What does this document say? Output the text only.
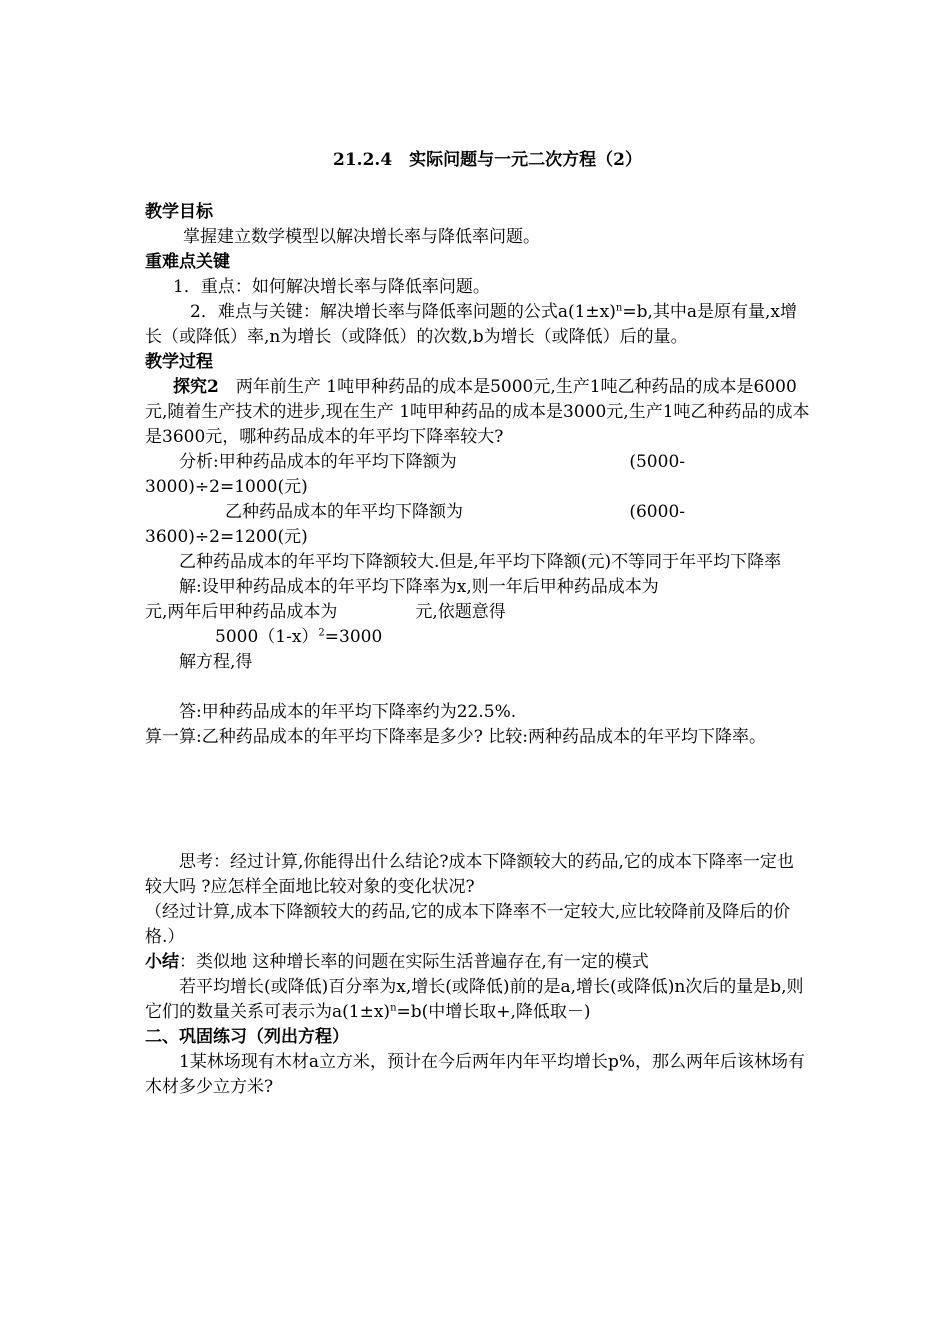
21.2.4　实际问题与一元二次方程（2）

教学目标

掌握建立数学模型以解决增长率与降低率问题。

重难点关键

1．重点：如何解决增长率与降低率问题。

2．难点与关键：解决增长率与降低率问题的公式$a(1\pm x)^n=b$,其中a是原有量,x增长（或降低）率,n为增长（或降低）的次数,b为增长（或降低）后的量。

教学过程

探究2　 两年前生产 1吨甲种药品的成本是5000元,生产1吨乙种药品的成本是6000元,随着生产技术的进步,现在生产 1吨甲种药品的成本是3000元,生产1吨乙种药品的成本是3600元，哪种药品成本的年平均下降率较大?

分析:甲种药品成本的年平均下降额为	(5000-

3000)÷2=1000(元)

乙种药品成本的年平均下降额为	(6000-

3600)÷2=1200(元)

乙种药品成本的年平均下降额较大.但是,年平均下降额(元)不等同于年平均下降率

解:设甲种药品成本的年平均下降率为x,则一年后甲种药品成本为

元,两年后甲种药品成本为	元,依题意得

$5000(1-x)^2=3000$

解方程,得

答:甲种药品成本的年平均下降率约为22.5%.

算一算:乙种药品成本的年平均下降率是多少? 比较:两种药品成本的年平均下降率。

思考：经过计算,你能得出什么结论?成本下降额较大的药品,它的成本下降率一定也较大吗 ?应怎样全面地比较对象的变化状况?

（经过计算,成本下降额较大的药品,它的成本下降率不一定较大,应比较降前及降后的价格.）

小结：类似地 这种增长率的问题在实际生活普遍存在,有一定的模式

若平均增长(或降低)百分率为x,增长(或降低)前的是a,增长(或降低)n次后的量是b,则它们的数量关系可表示为$a(1\pm x)^n=b$(中增长取+,降低取－)

二、巩固练习（列出方程）

1某林场现有木材a立方米，预计在今后两年内年平均增长p%，那么两年后该林场有木材多少立方米?
